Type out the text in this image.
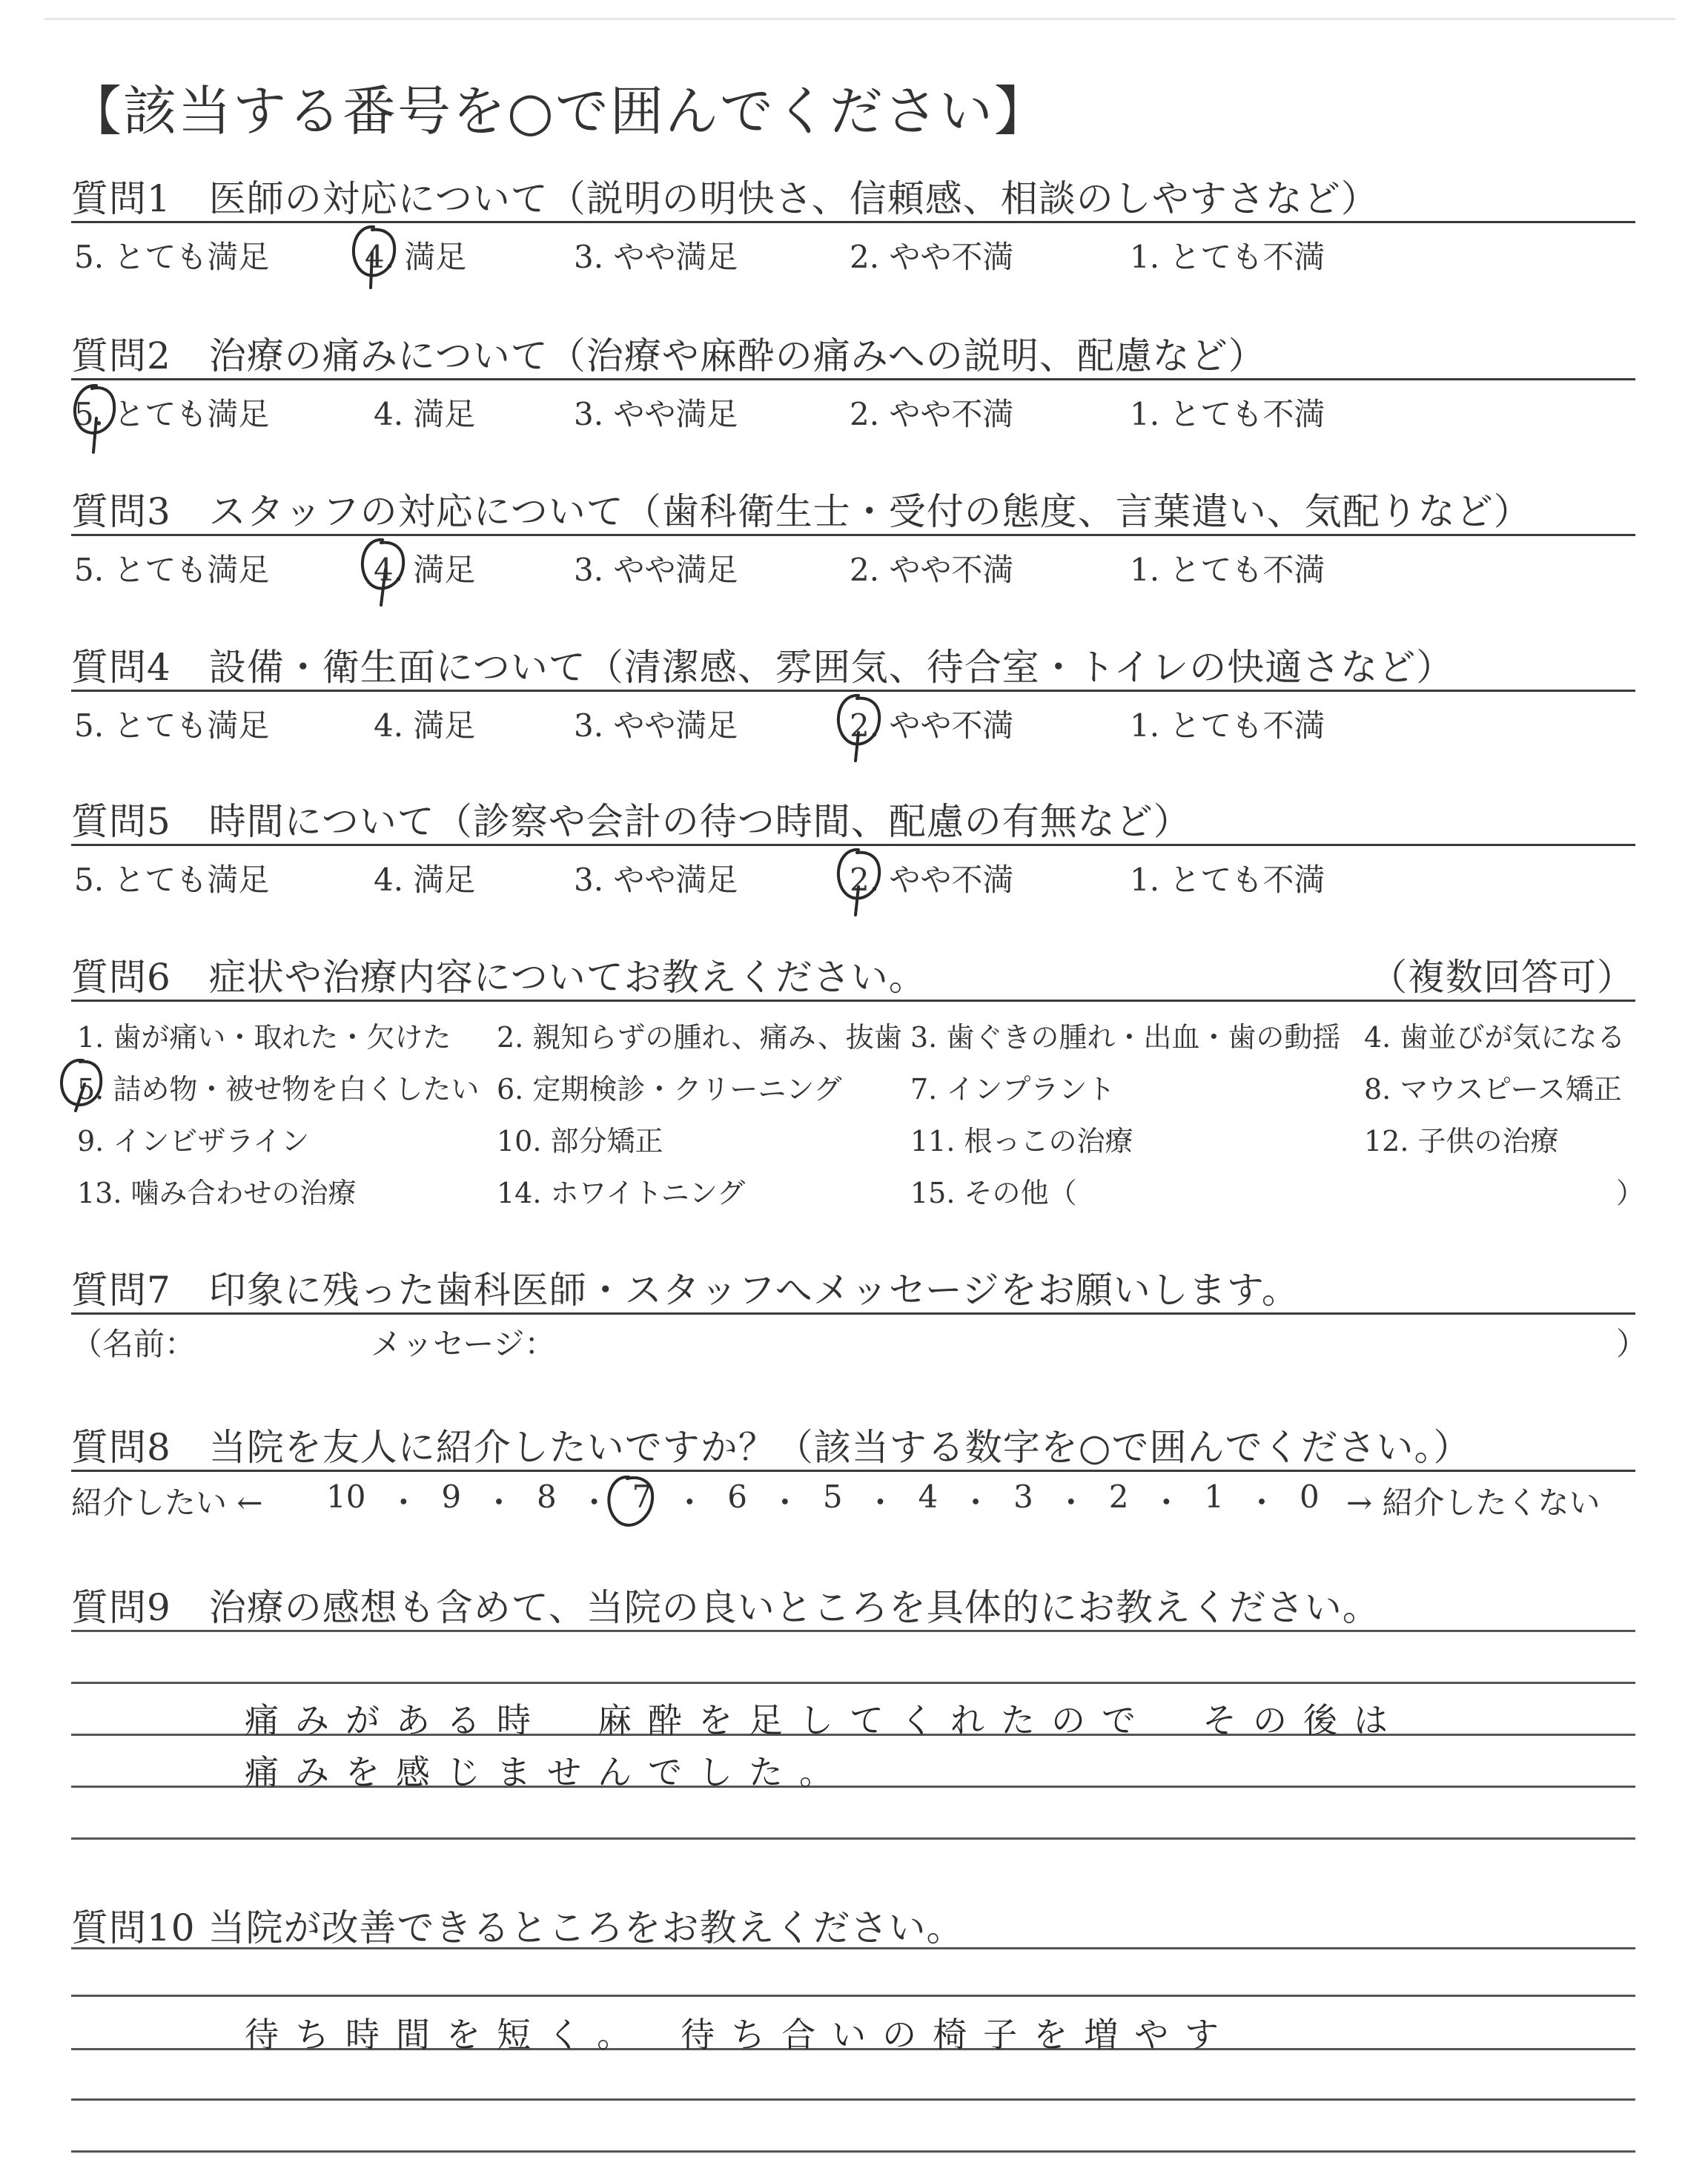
【該当する番号を○で囲んでください】
質問1　医師の対応について（説明の明快さ、信頼感、相談のしやすさなど）
5. とても満足	4. 満足	3. やや満足	2. やや不満	1. とても不満
質問2　治療の痛みについて（治療や麻酔の痛みへの説明、配慮など）
5. とても満足	4. 満足	3. やや満足	2. やや不満	1. とても不満
質問3　スタッフの対応について（歯科衛生士・受付の態度、言葉遣い、気配りなど）
5. とても満足	4. 満足	3. やや満足	2. やや不満	1. とても不満
質問4　設備・衛生面について（清潔感、雰囲気、待合室・トイレの快適さなど）
5. とても満足	4. 満足	3. やや満足	2. やや不満	1. とても不満
質問5　時間について（診察や会計の待つ時間、配慮の有無など）
5. とても満足	4. 満足	3. やや満足	2. やや不満	1. とても不満
質問6　症状や治療内容についてお教えください。	（複数回答可）
1. 歯が痛い・取れた・欠けた 2. 親知らずの腫れ、痛み、抜歯 3. 歯ぐきの腫れ・出血・歯の動揺 4. 歯並びが気になる
5. 詰め物・被せ物を白くしたい 6. 定期検診・クリーニング 7. インプラント	8. マウスピース矯正
9. インビザライン	10. 部分矯正	11. 根っこの治療	12. 子供の治療
13. 噛み合わせの治療	14. ホワイトニング	15. その他（	）
質問7　印象に残った歯科医師・スタッフへメッセージをお願いします。
（名前：	メッセージ：	）
質問8　当院を友人に紹介したいですか？（該当する数字を○で囲んでください。）
紹介したい ← 10 ・ 9 ・ 8 ・ 7 ・ 6 ・ 5 ・ 4 ・ 3 ・ 2 ・ 1 ・ 0 → 紹介したくない
質問9　治療の感想も含めて、当院の良いところを具体的にお教えください。
痛みがある時　麻酔を足してくれたので　その後は
痛みを感じませんでした。
質問10 当院が改善できるところをお教えください。
待ち時間を短く。　待ち合いの椅子を増やす
